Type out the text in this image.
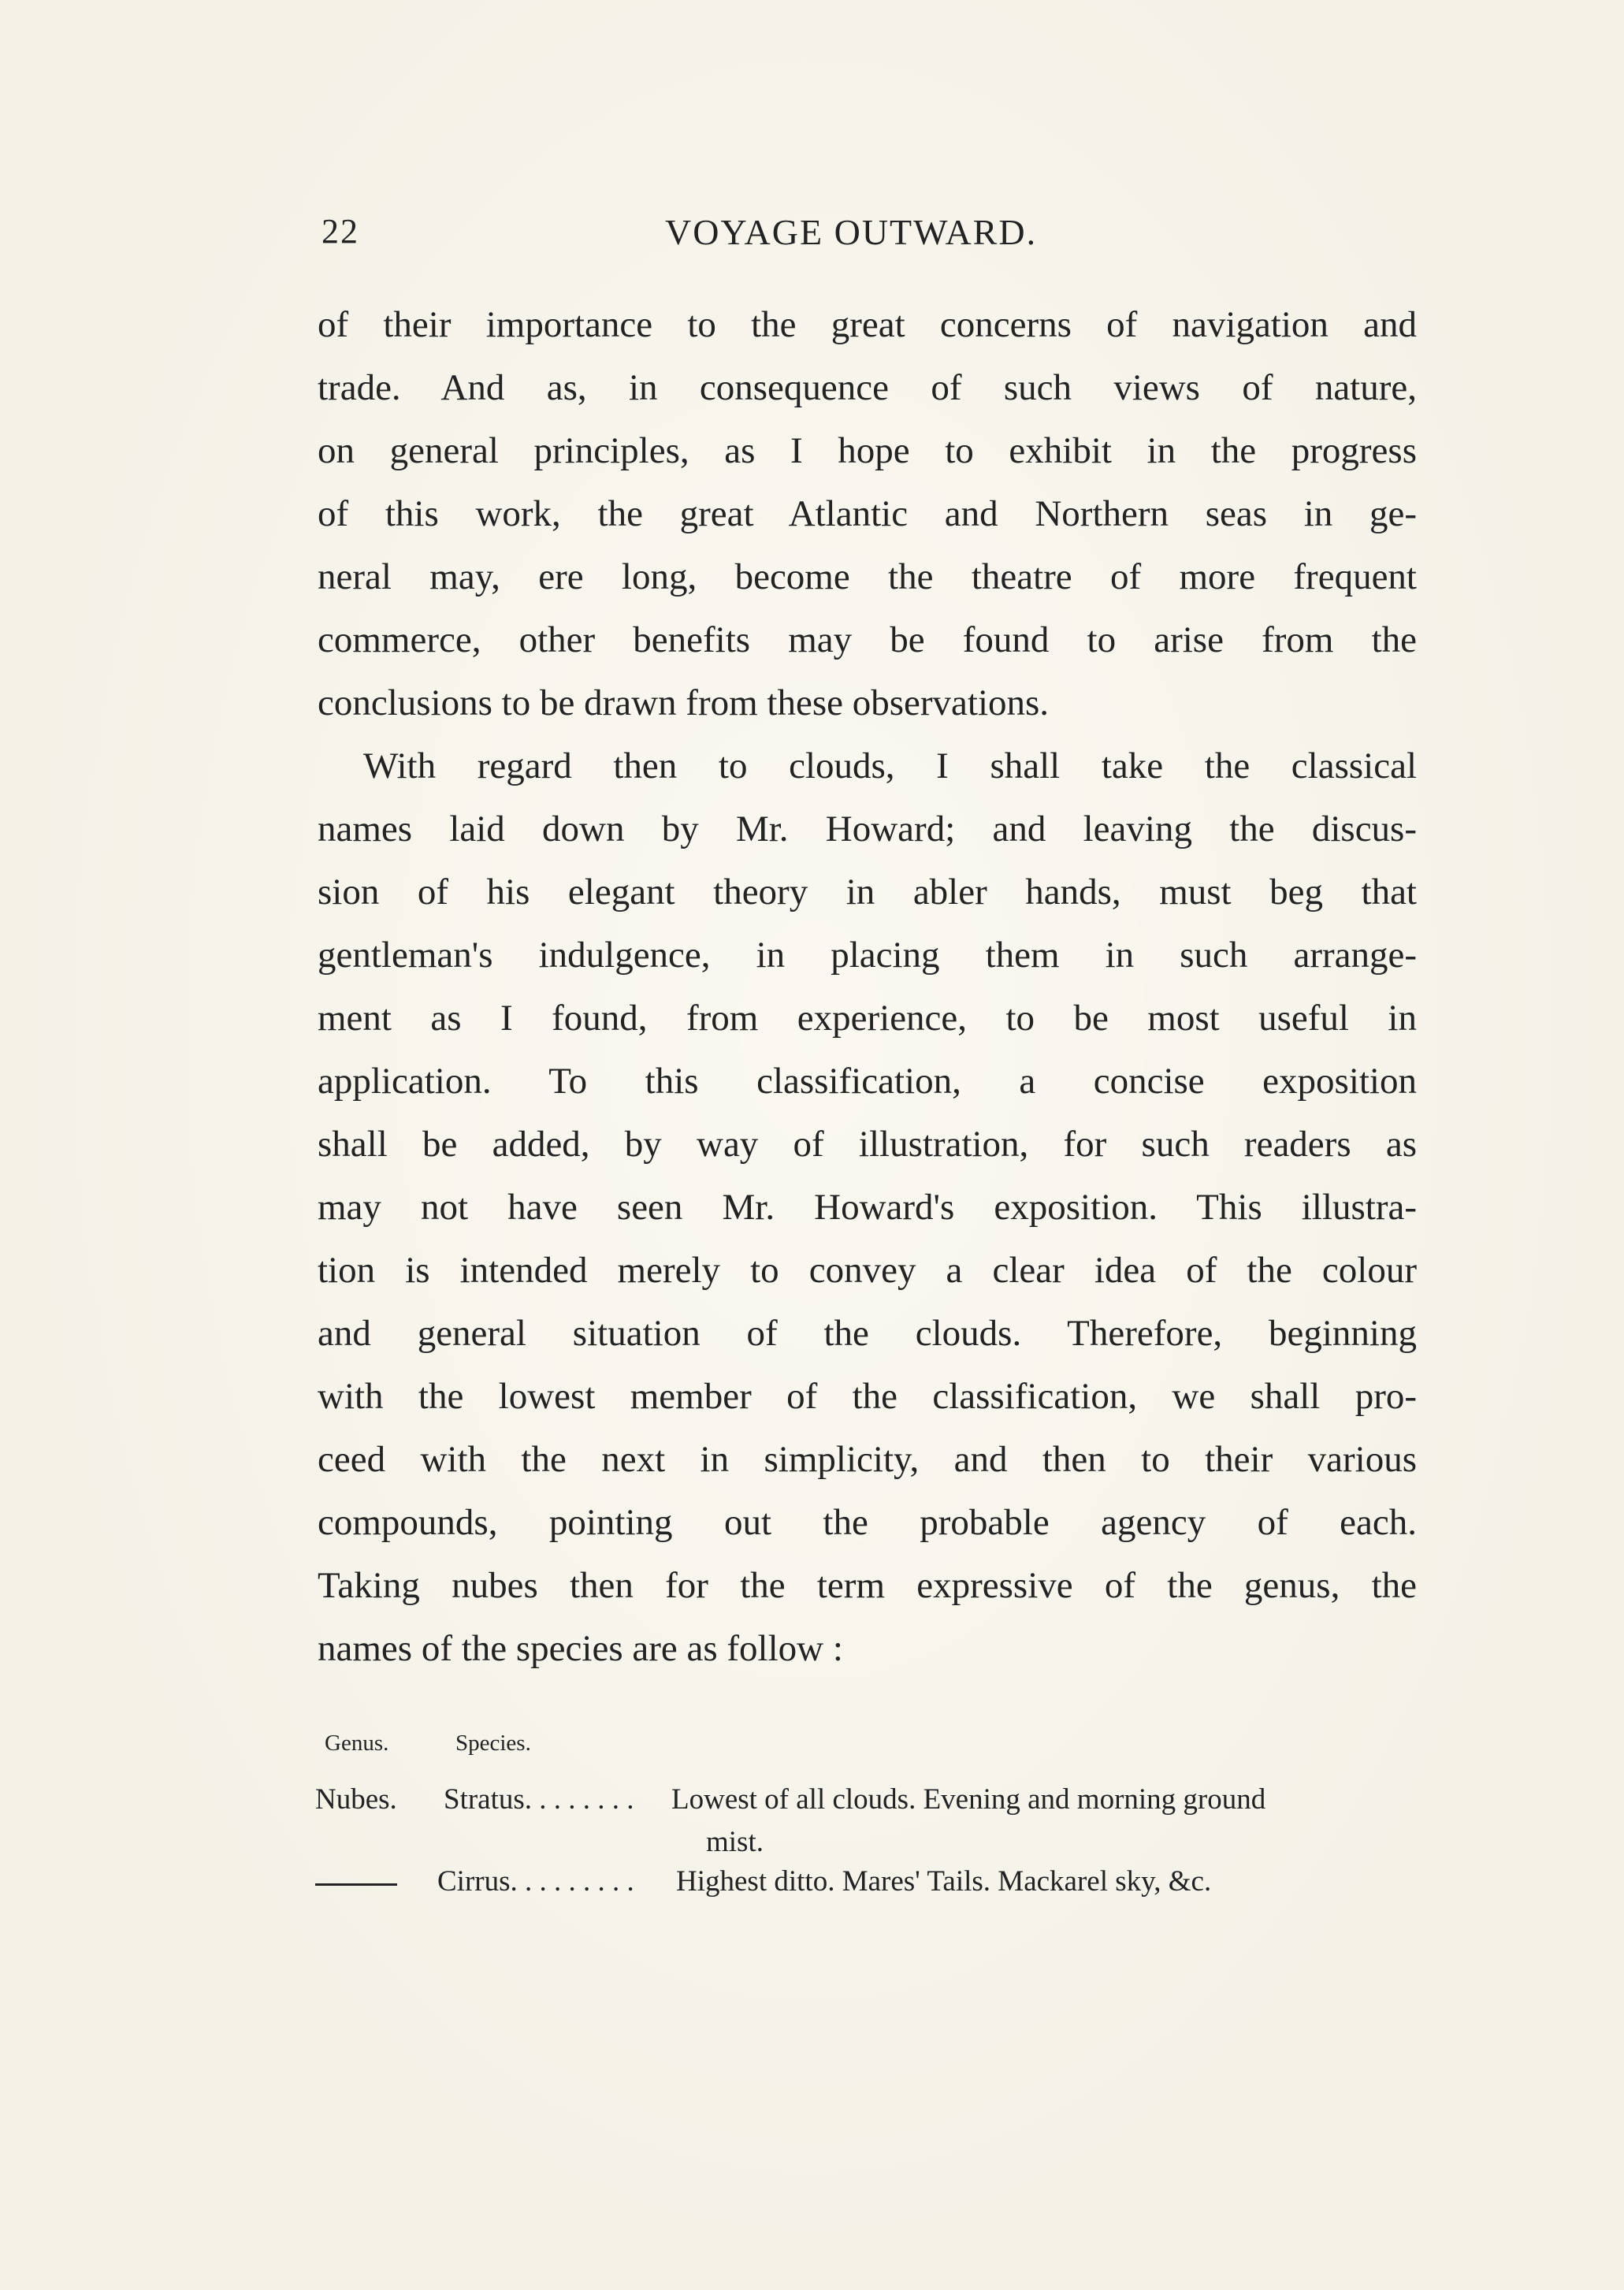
22	VOYAGE OUTWARD.
of their importance to the great concerns of navigation and
trade. And as, in consequence of such views of nature,
on general principles, as I hope to exhibit in the progress
of this work, the great Atlantic and Northern seas in ge-
neral may, ere long, become the theatre of more frequent
commerce, other benefits may be found to arise from the
conclusions to be drawn from these observations.
With regard then to clouds, I shall take the classical
names laid down by Mr. Howard; and leaving the discus-
sion of his elegant theory in abler hands, must beg that
gentleman's indulgence, in placing them in such arrange-
ment as I found, from experience, to be most useful in
application. To this classification, a concise exposition
shall be added, by way of illustration, for such readers as
may not have seen Mr. Howard's exposition. This illustra-
tion is intended merely to convey a clear idea of the colour
and general situation of the clouds. Therefore, beginning
with the lowest member of the classification, we shall pro-
ceed with the next in simplicity, and then to their various
compounds, pointing out the probable agency of each.
Taking nubes then for the term expressive of the genus, the
names of the species are as follow :
Genus.	Species.
Nubes. Stratus. . . . . . . . Lowest of all clouds. Evening and morning ground
mist.
Cirrus. . . . . . . . . Highest ditto. Mares' Tails. Mackarel sky, &c.
